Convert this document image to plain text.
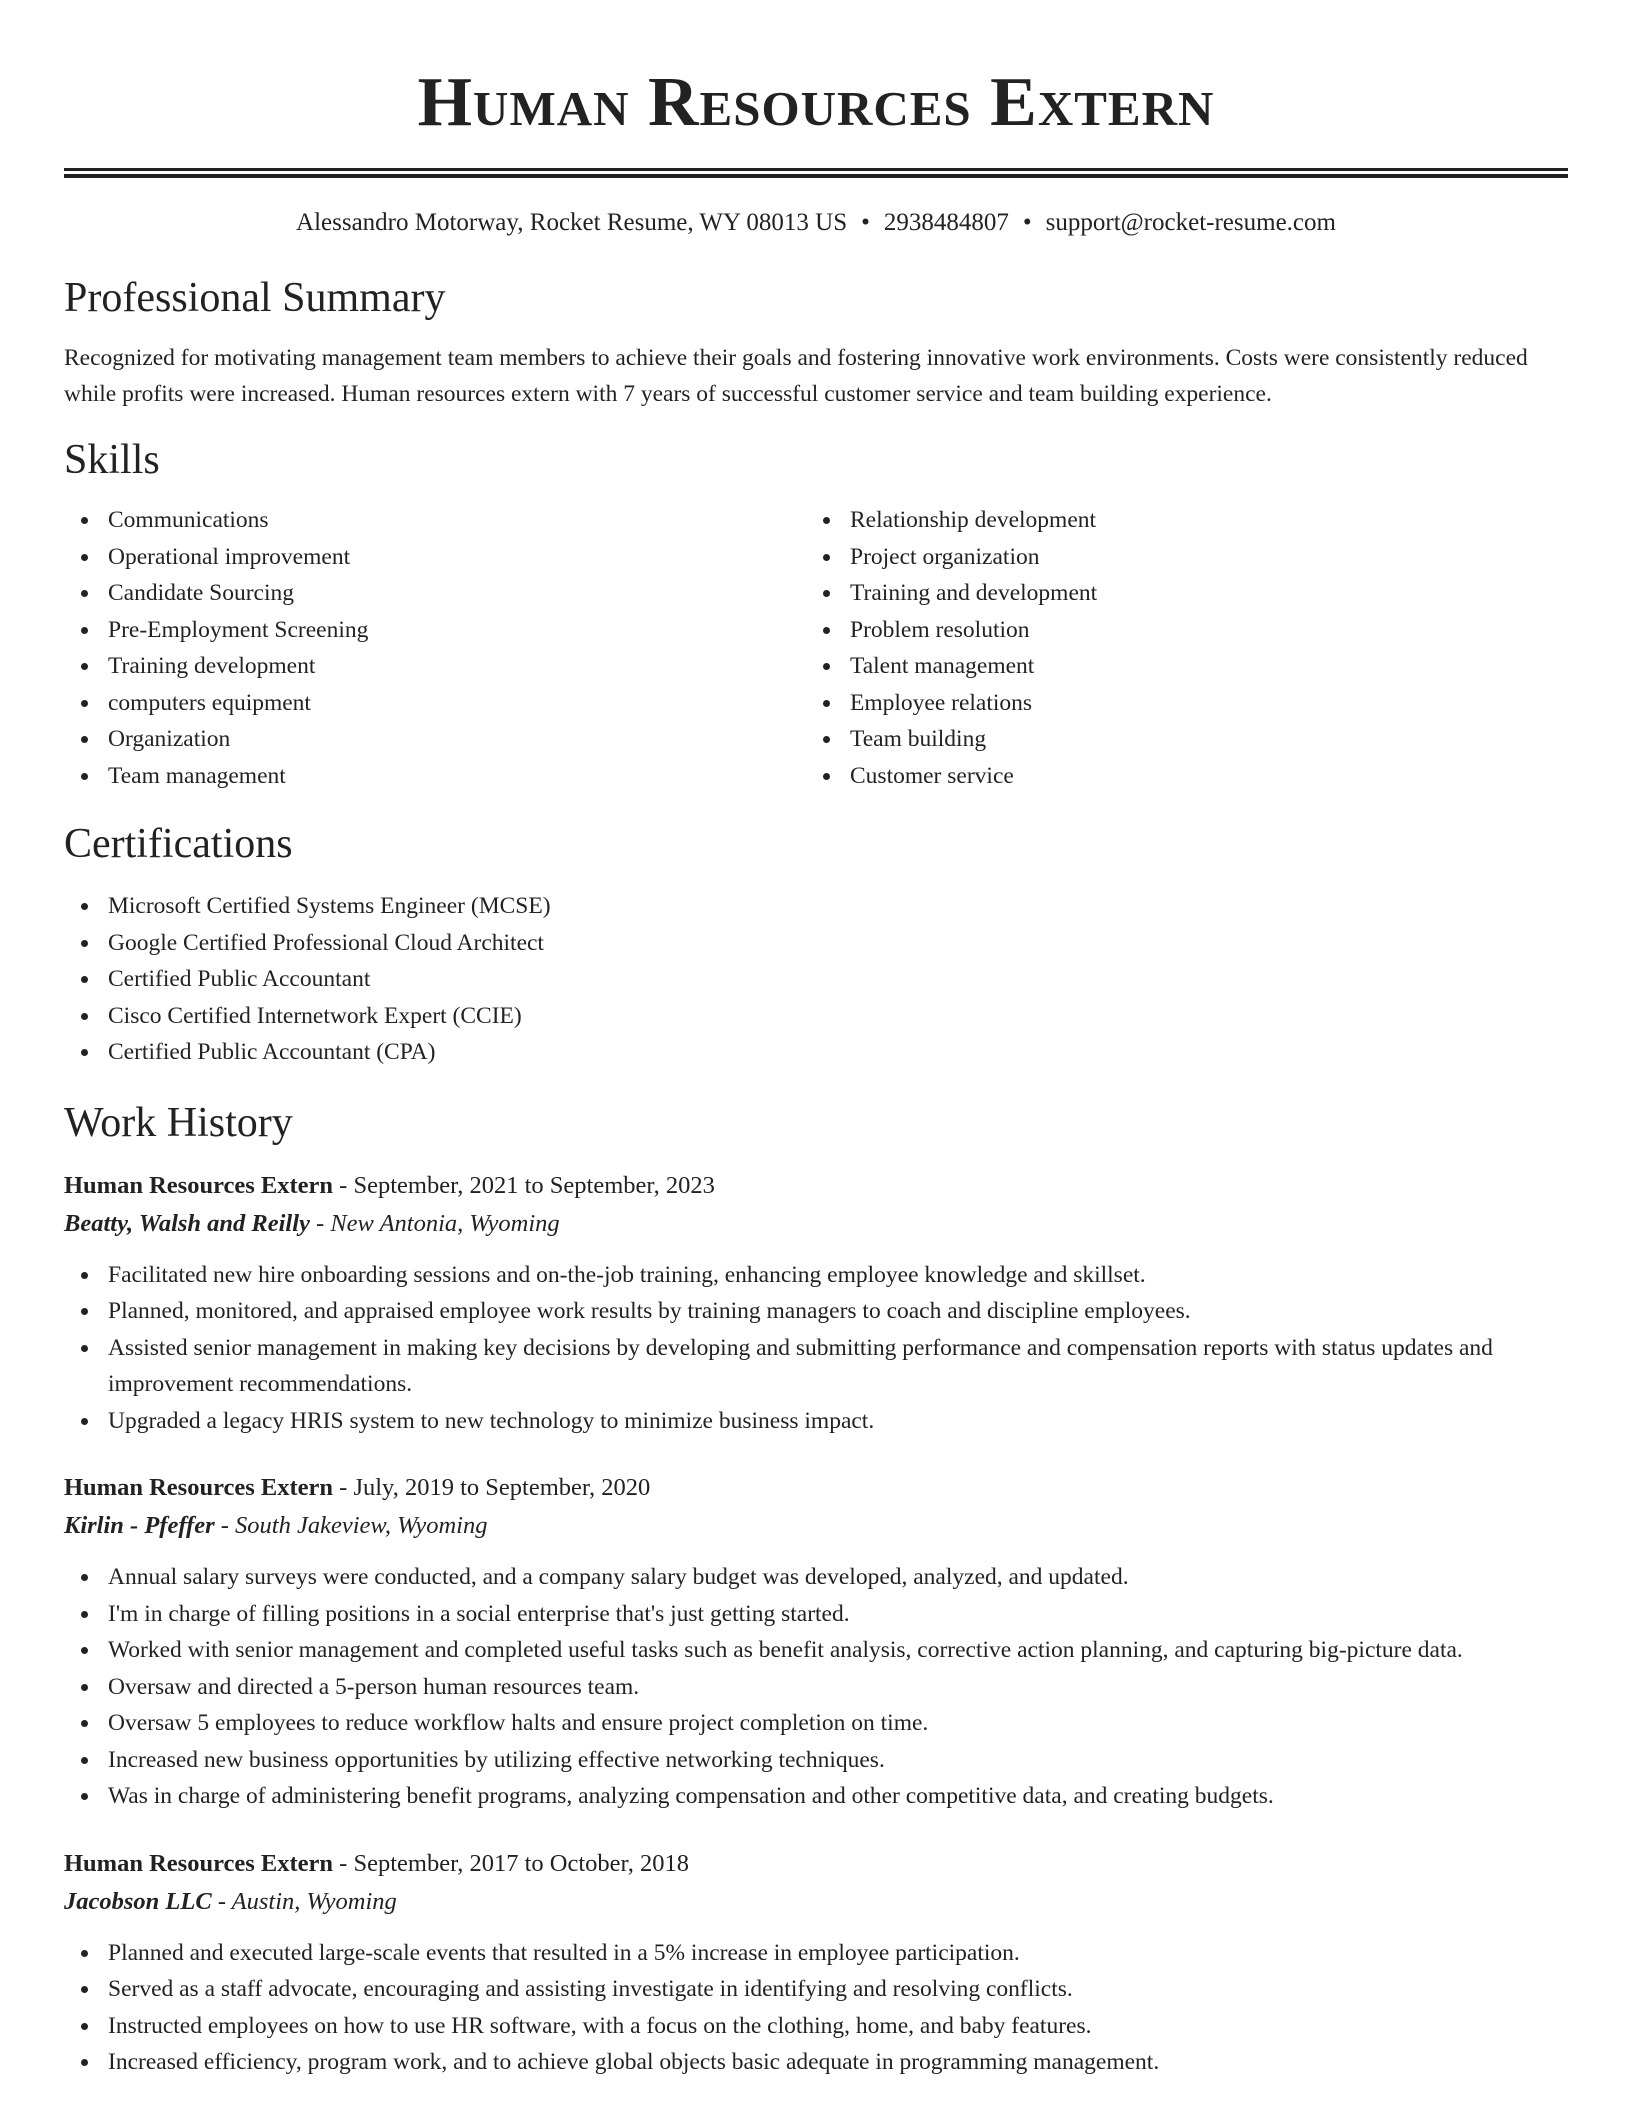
Human Resources Extern
Alessandro Motorway, Rocket Resume, WY 08013 US • 2938484807 • support@rocket-resume.com
Professional Summary

Recognized for motivating management team members to achieve their goals and fostering innovative work environments. Costs were consistently reduced while profits were increased. Human resources extern with 7 years of successful customer service and team building experience.

Skills
Communications
Operational improvement
Candidate Sourcing
Pre-Employment Screening
Training development
computers equipment
Organization
Team management
Relationship development
Project organization
Training and development
Problem resolution
Talent management
Employee relations
Team building
Customer service
Certifications
Microsoft Certified Systems Engineer (MCSE)
Google Certified Professional Cloud Architect
Certified Public Accountant
Cisco Certified Internetwork Expert (CCIE)
Certified Public Accountant (CPA)
Work History
Human Resources Extern - September, 2021 to September, 2023
Beatty, Walsh and Reilly - New Antonia, Wyoming
Facilitated new hire onboarding sessions and on-the-job training, enhancing employee knowledge and skillset.
Planned, monitored, and appraised employee work results by training managers to coach and discipline employees.
Assisted senior management in making key decisions by developing and submitting performance and compensation reports with status updates and improvement recommendations.
Upgraded a legacy HRIS system to new technology to minimize business impact.
Human Resources Extern - July, 2019 to September, 2020
Kirlin - Pfeffer - South Jakeview, Wyoming
Annual salary surveys were conducted, and a company salary budget was developed, analyzed, and updated.
I'm in charge of filling positions in a social enterprise that's just getting started.
Worked with senior management and completed useful tasks such as benefit analysis, corrective action planning, and capturing big-picture data.
Oversaw and directed a 5-person human resources team.
Oversaw 5 employees to reduce workflow halts and ensure project completion on time.
Increased new business opportunities by utilizing effective networking techniques.
Was in charge of administering benefit programs, analyzing compensation and other competitive data, and creating budgets.
Human Resources Extern - September, 2017 to October, 2018
Jacobson LLC - Austin, Wyoming
Planned and executed large-scale events that resulted in a 5% increase in employee participation.
Served as a staff advocate, encouraging and assisting investigate in identifying and resolving conflicts.
Instructed employees on how to use HR software, with a focus on the clothing, home, and baby features.
Increased efficiency, program work, and to achieve global objects basic adequate in programming management.
